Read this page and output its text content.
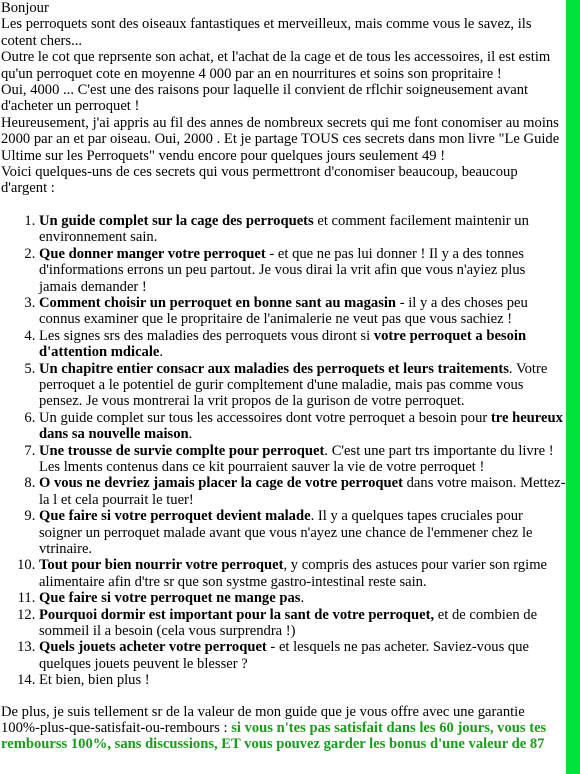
Bonjour

Les perroquets sont des oiseaux fantastiques et merveilleux, mais comme vous le savez, ils cotent chers...

Outre le cot que reprsente son achat, et l'achat de la cage et de tous les accessoires, il est estim qu'un perroquet cote en moyenne 4 000 par an en nourritures et soins son propritaire !

Oui, 4000 ... C'est une des raisons pour laquelle il convient de rflchir soigneusement avant d'acheter un perroquet !

Heureusement, j'ai appris au fil des annes de nombreux secrets qui me font conomiser au moins 2000 par an et par oiseau. Oui, 2000 . Et je partage TOUS ces secrets dans mon livre "Le Guide Ultime sur les Perroquets" vendu encore pour quelques jours seulement 49 !

Voici quelques-uns de ces secrets qui vous permettront d'conomiser beaucoup, beaucoup d'argent :

1. Un guide complet sur la cage des perroquets et comment facilement maintenir un environnement sain.
2. Que donner manger votre perroquet - et que ne pas lui donner ! Il y a des tonnes d'informations errons un peu partout. Je vous dirai la vrit afin que vous n'ayiez plus jamais demander !
3. Comment choisir un perroquet en bonne sant au magasin - il y a des choses peu connus examiner que le propritaire de l'animalerie ne veut pas que vous sachiez !
4. Les signes srs des maladies des perroquets vous diront si votre perroquet a besoin d'attention mdicale.
5. Un chapitre entier consacr aux maladies des perroquets et leurs traitements. Votre perroquet a le potentiel de gurir compltement d'une maladie, mais pas comme vous pensez. Je vous montrerai la vrit propos de la gurison de votre perroquet.
6. Un guide complet sur tous les accessoires dont votre perroquet a besoin pour tre heureux dans sa nouvelle maison.
7. Une trousse de survie complte pour perroquet. C'est une part trs importante du livre ! Les lments contenus dans ce kit pourraient sauver la vie de votre perroquet !
8. O vous ne devriez jamais placer la cage de votre perroquet dans votre maison. Mettez-la l et cela pourrait le tuer!
9. Que faire si votre perroquet devient malade. Il y a quelques tapes cruciales pour soigner un perroquet malade avant que vous n'ayez une chance de l'emmener chez le vtrinaire.
10. Tout pour bien nourrir votre perroquet, y compris des astuces pour varier son rgime alimentaire afin d'tre sr que son systme gastro-intestinal reste sain.
11. Que faire si votre perroquet ne mange pas.
12. Pourquoi dormir est important pour la sant de votre perroquet, et de combien de sommeil il a besoin (cela vous surprendra !)
13. Quels jouets acheter votre perroquet - et lesquels ne pas acheter. Saviez-vous que quelques jouets peuvent le blesser ?
14. Et bien, bien plus !

De plus, je suis tellement sr de la valeur de mon guide que je vous offre avec une garantie 100%-plus-que-satisfait-ou-rembours : si vous n'tes pas satisfait dans les 60 jours, vous tes rembourss 100%, sans discussions, ET vous pouvez garder les bonus d'une valeur de 87
